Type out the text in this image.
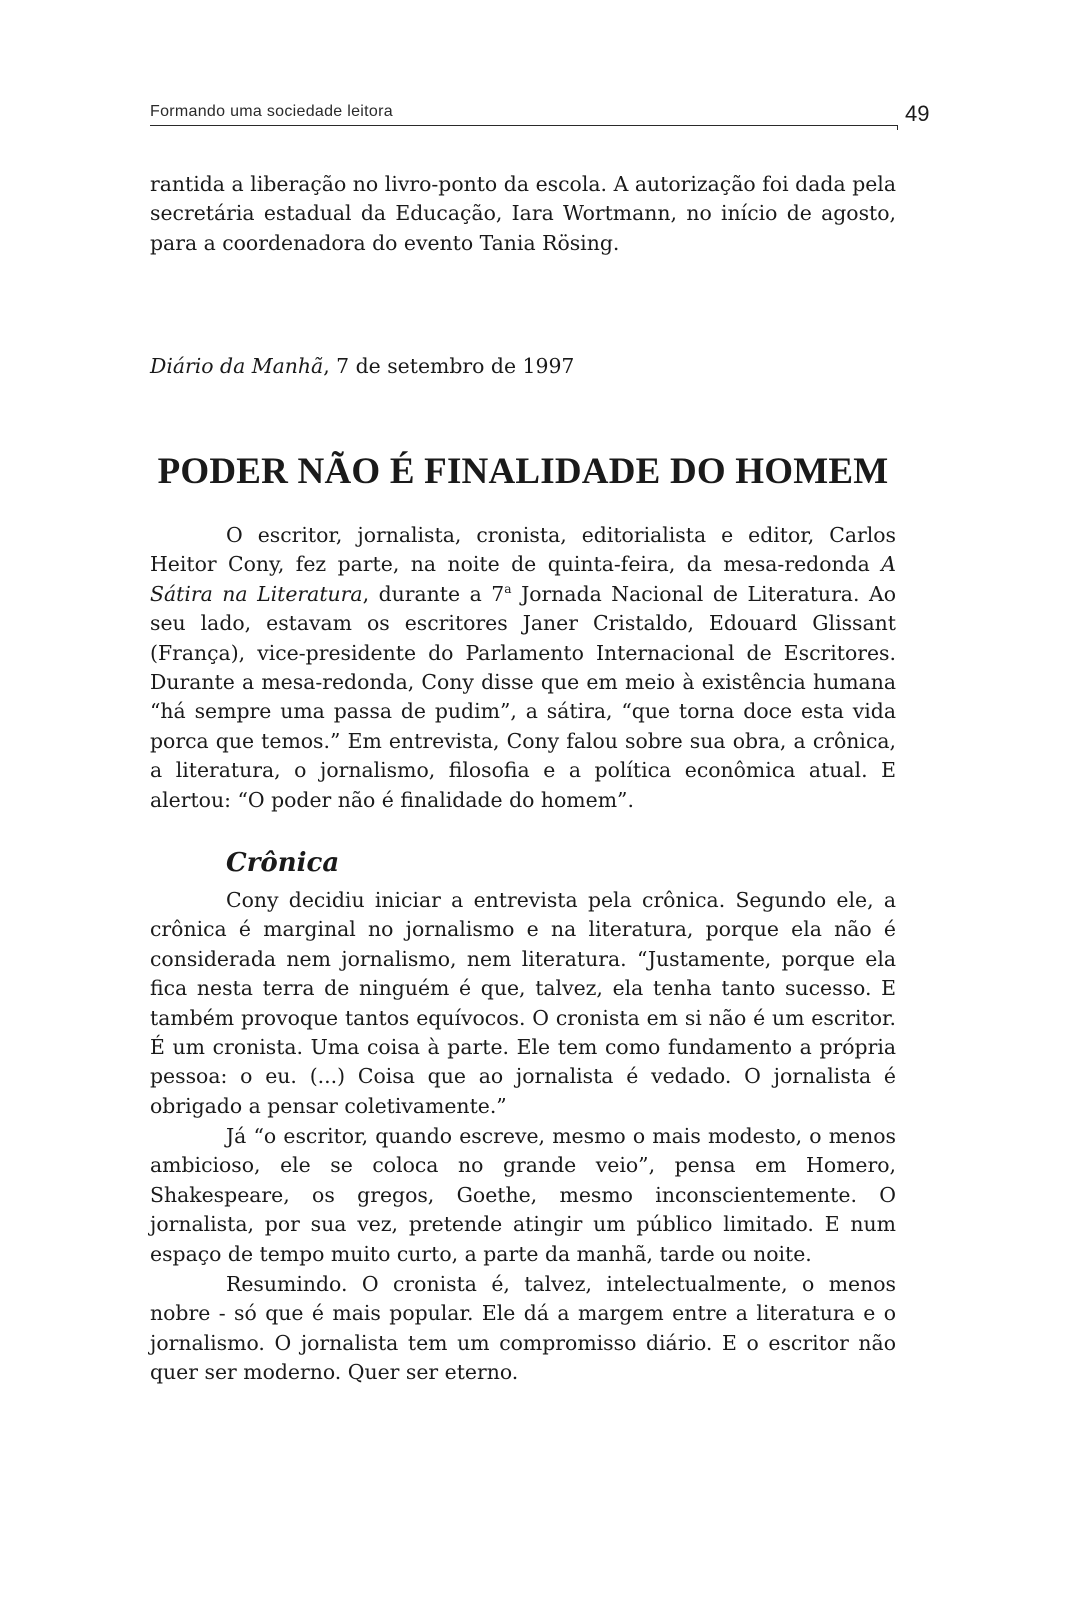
Formando uma sociedade leitora	49

rantida a liberação no livro-ponto da escola. A autorização foi dada pela secretária estadual da Educação, Iara Wortmann, no início de agosto, para a coordenadora do evento Tania Rösing.

Diário da Manhã, 7 de setembro de 1997

PODER NÃO É FINALIDADE DO HOMEM

O escritor, jornalista, cronista, editorialista e editor, Carlos Heitor Cony, fez parte, na noite de quinta-feira, da mesa-redonda A Sátira na Literatura, durante a 7$^a$ Jornada Nacional de Literatura. Ao seu lado, estavam os escritores Janer Cristaldo, Edouard Glissant (França), vice-presidente do Parlamento Internacional de Escritores. Durante a mesa-redonda, Cony disse que em meio à existência humana “há sempre uma passa de pudim”, a sátira, “que torna doce esta vida porca que temos.” Em entrevista, Cony falou sobre sua obra, a crônica, a literatura, o jornalismo, filosofia e a política econômica atual. E alertou: “O poder não é finalidade do homem”.

Crônica

Cony decidiu iniciar a entrevista pela crônica. Segundo ele, a crônica é marginal no jornalismo e na literatura, porque ela não é considerada nem jornalismo, nem literatura. “Justamente, porque ela fica nesta terra de ninguém é que, talvez, ela tenha tanto sucesso. E também provoque tantos equívocos. O cronista em si não é um escritor. É um cronista. Uma coisa à parte. Ele tem como fundamento a própria pessoa: o eu. (...) Coisa que ao jornalista é vedado. O jornalista é obrigado a pensar coletivamente.”

Já “o escritor, quando escreve, mesmo o mais modesto, o menos ambicioso, ele se coloca no grande veio”, pensa em Homero, Shakespeare, os gregos, Goethe, mesmo inconscientemente. O jornalista, por sua vez, pretende atingir um público limitado. E num espaço de tempo muito curto, a parte da manhã, tarde ou noite.

Resumindo. O cronista é, talvez, intelectualmente, o menos nobre - só que é mais popular. Ele dá a margem entre a literatura e o jornalismo. O jornalista tem um compromisso diário. E o escritor não quer ser moderno. Quer ser eterno.
